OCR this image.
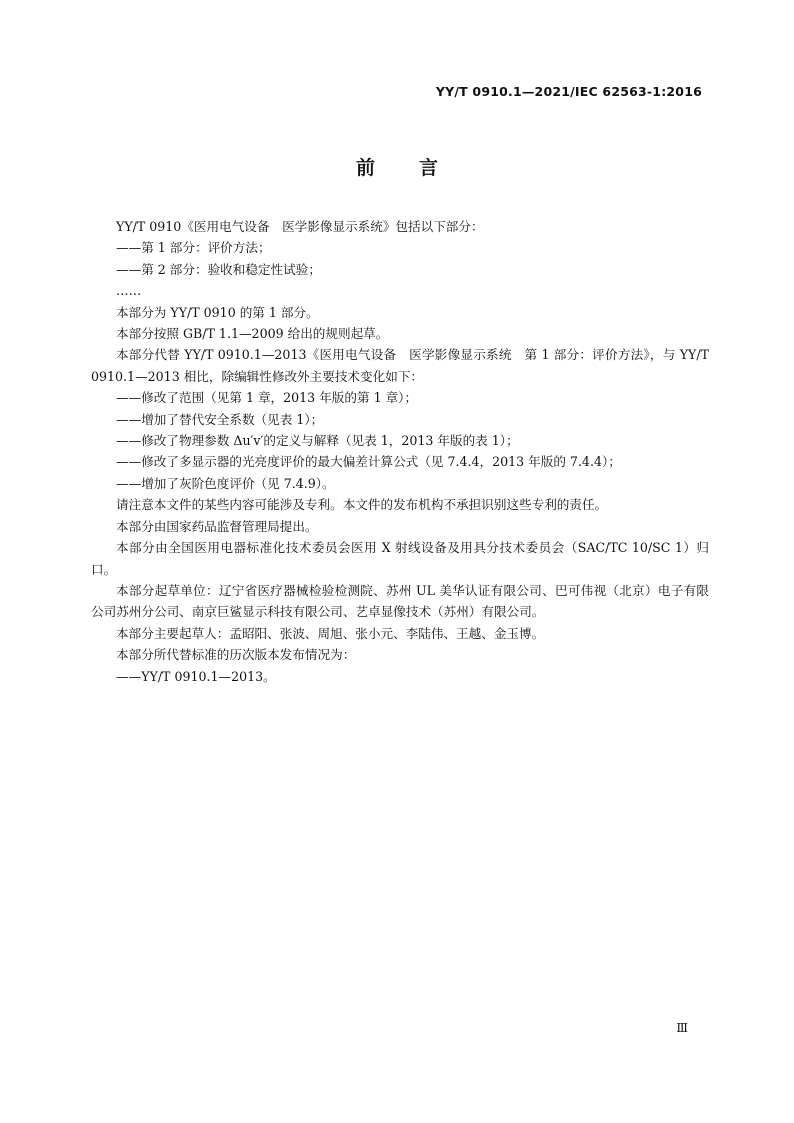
YY/T 0910.1—2021/IEC 62563-1:2016
前言

YY/T 0910《医用电气设备　医学影像显示系统》包括以下部分：

——第 1 部分：评价方法；

——第 2 部分：验收和稳定性试验；

……

本部分为 YY/T 0910 的第 1 部分。

本部分按照 GB/T 1.1—2009 给出的规则起草。

本部分代替 YY/T 0910.1—2013《医用电气设备　医学影像显示系统　第 1 部分：评价方法》，与 YY/T 0910.1—2013 相比，除编辑性修改外主要技术变化如下：

——修改了范围（见第 1 章，2013 年版的第 1 章）；

——增加了替代安全系数（见表 1）；

——修改了物理参数 Δu′v′的定义与解释（见表 1，2013 年版的表 1）；

——修改了多显示器的光亮度评价的最大偏差计算公式（见 7.4.4，2013 年版的 7.4.4）；

——增加了灰阶色度评价（见 7.4.9）。

请注意本文件的某些内容可能涉及专利。本文件的发布机构不承担识别这些专利的责任。

本部分由国家药品监督管理局提出。

本部分由全国医用电器标准化技术委员会医用 X 射线设备及用具分技术委员会（SAC/TC 10/SC 1）归口。

本部分起草单位：辽宁省医疗器械检验检测院、苏州 UL 美华认证有限公司、巴可伟视（北京）电子有限公司苏州分公司、南京巨鲨显示科技有限公司、艺卓显像技术（苏州）有限公司。

本部分主要起草人：孟昭阳、张波、周旭、张小元、李陆伟、王越、金玉博。

本部分所代替标准的历次版本发布情况为：

——YY/T 0910.1—2013。

Ⅲ
